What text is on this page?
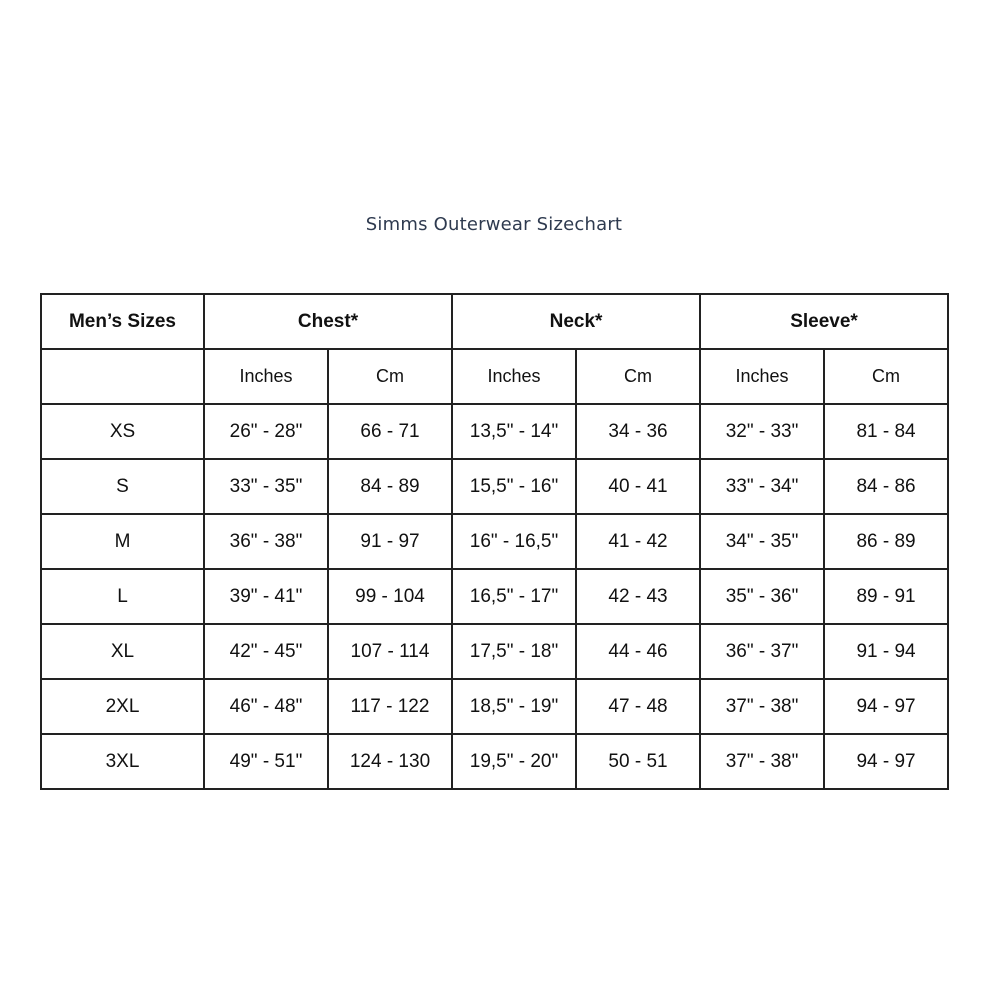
Simms Outerwear Sizechart
Men’s Sizes	Chest*		Neck*		Sleeve*	
	Inches	Cm	Inches	Cm	Inches	Cm
XS	26" - 28"	66 - 71	13,5" - 14"	34 - 36	32" - 33"	81 - 84
S	33" - 35"	84 - 89	15,5" - 16"	40 - 41	33" - 34"	84 - 86
M	36" - 38"	91 - 97	16" - 16,5"	41 - 42	34" - 35"	86 - 89
L	39" - 41"	99 - 104	16,5" - 17"	42 - 43	35" - 36"	89 - 91
XL	42" - 45"	107 - 114	17,5" - 18"	44 - 46	36" - 37"	91 - 94
2XL	46" - 48"	117 - 122	18,5" - 19"	47 - 48	37" - 38"	94 - 97
3XL	49" - 51"	124 - 130	19,5" - 20"	50 - 51	37" - 38"	94 - 97
